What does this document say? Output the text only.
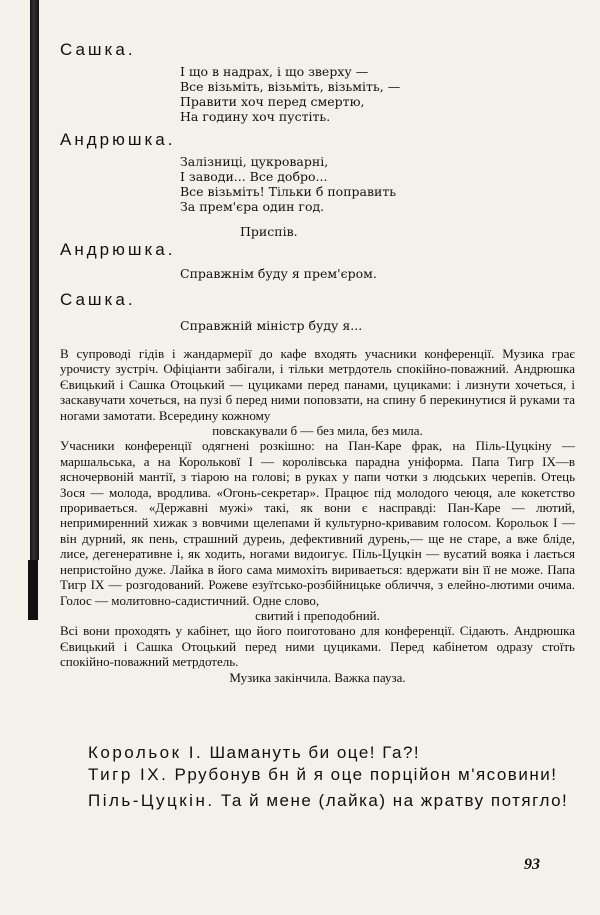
Сашка.
І що в надрах, і що зверху —
Все візьміть, візьміть, візьміть, —
Правити хоч перед смертю,
На годину хоч пустіть.
Андрюшка.
Залізниці, цукроварні,
І заводи... Все добро...
Все візьміть! Тільки б поправить
За прем'єра один год.
Приспів.
Андрюшка.
Справжнім буду я прем'єром.
Сашка.
Справжній міністр буду я...

В супроводі гідів і жандармерії до кафе входять учасники конференції. Музика грає урочисту зустріч. Офіціанти забігали, і тільки метрдотель спокійно-поважний. Андрюшка Євицький і Сашка Отоцький — цуциками перед панами, цуциками: і лизнути хочеться, і заскавучати хочеться, на пузі б перед ними поповзати, на спину б перекинутися й руками та ногами замотати. Всередину кожному

повскакували б — без мила, без мила.

Учасники конференції одягнені розкішно: на Пан-Каре фрак, на Піль-Цуцкіну — маршальська, а на Корольковї І — королівська парадна уніформа. Папа Тигр IX—в ясночервоній мантії, з тіарою на голові; в руках у папи чотки з людських черепів. Отець Зося — молода, вродлива. «Огонь-секретар». Працює під молодого чеюця, але кокетство прориваеться. «Державні мужі» такі, як вони є насправді: Пан-Каре — лютий, непримиренний хижак з вовчими щелепами й культурно-кривавим голосом. Корольок І — він дурний, як пень, страшний дуреиь, дефективний дурень,— ще не старе, а вже бліде, лисе, дегенеративне і, як ходить, ногами видоигує. Піль-Цуцкін — вусатий вояка і лається непристойно дуже. Лайка в його сама мимохіть вириваеться: вдержати він її не може. Папа Тигр IX — розгодований. Рожеве езуїтсько-розбійницьке обличчя, з елейно-лютими очима. Голос — молитовно-садистичний. Одне слово,

свитий і преподобний.

Всі вони проходять у кабінет, що його пoиготовано для конференції. Сідають. Андрюшка Євицький і Сашка Отоцький перед ними цуциками. Перед кабінетом одразу стоїть спокійно-поважний метрдотель.

Музика закінчила. Важка пауза.

Корольок І. Шамануть би оце! Га?!
Тигр IX. Ррубонув бн й я оце порційон м'ясовини!
Піль-Цуцкін. Та й мене (лайка) на жратву потягло!
93
